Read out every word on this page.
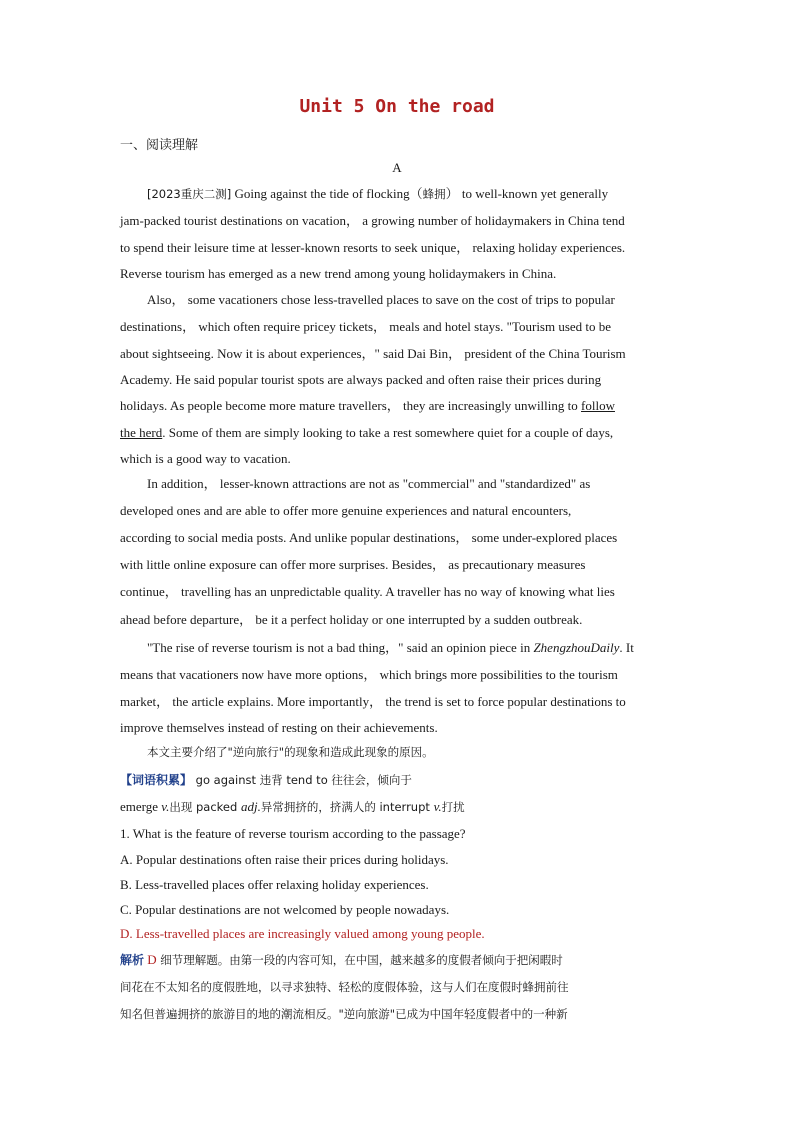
Unit 5 On the road
一、阅读理解
A
[2023重庆二测] Going against the tide of flocking（蜂拥） to well-known yet generally
jam-packed tourist destinations on vacation， a growing number of holidaymakers in China tend
to spend their leisure time at lesser-known resorts to seek unique， relaxing holiday experiences.
Reverse tourism has emerged as a new trend among young holidaymakers in China.
Also， some vacationers chose less-travelled places to save on the cost of trips to popular
destinations， which often require pricey tickets， meals and hotel stays. "Tourism used to be
about sightseeing. Now it is about experiences，" said Dai Bin， president of the China Tourism
Academy. He said popular tourist spots are always packed and often raise their prices during
holidays. As people become more mature travellers， they are increasingly unwilling to follow
the herd. Some of them are simply looking to take a rest somewhere quiet for a couple of days,
which is a good way to vacation.
In addition， lesser-known attractions are not as "commercial" and "standardized" as
developed ones and are able to offer more genuine experiences and natural encounters,
according to social media posts. And unlike popular destinations， some under-explored places
with little online exposure can offer more surprises. Besides， as precautionary measures
continue， travelling has an unpredictable quality. A traveller has no way of knowing what lies
ahead before departure， be it a perfect holiday or one interrupted by a sudden outbreak.
"The rise of reverse tourism is not a bad thing，" said an opinion piece in ZhengzhouDaily. It
means that vacationers now have more options， which brings more possibilities to the tourism
market， the article explains. More importantly， the trend is set to force popular destinations to
improve themselves instead of resting on their achievements.
本文主要介绍了"逆向旅行"的现象和造成此现象的原因。
【词语积累】 go against 违背 tend to 往往会，倾向于
emerge v.出现 packed adj.异常拥挤的，挤满人的 interrupt v.打扰
1. What is the feature of reverse tourism according to the passage?
A. Popular destinations often raise their prices during holidays.
B. Less-travelled places offer relaxing holiday experiences.
C. Popular destinations are not welcomed by people nowadays.
D. Less-travelled places are increasingly valued among young people.
解析 D 细节理解题。由第一段的内容可知，在中国，越来越多的度假者倾向于把闲暇时
间花在不太知名的度假胜地，以寻求独特、轻松的度假体验，这与人们在度假时蜂拥前往
知名但普遍拥挤的旅游目的地的潮流相反。"逆向旅游"已成为中国年轻度假者中的一种新
